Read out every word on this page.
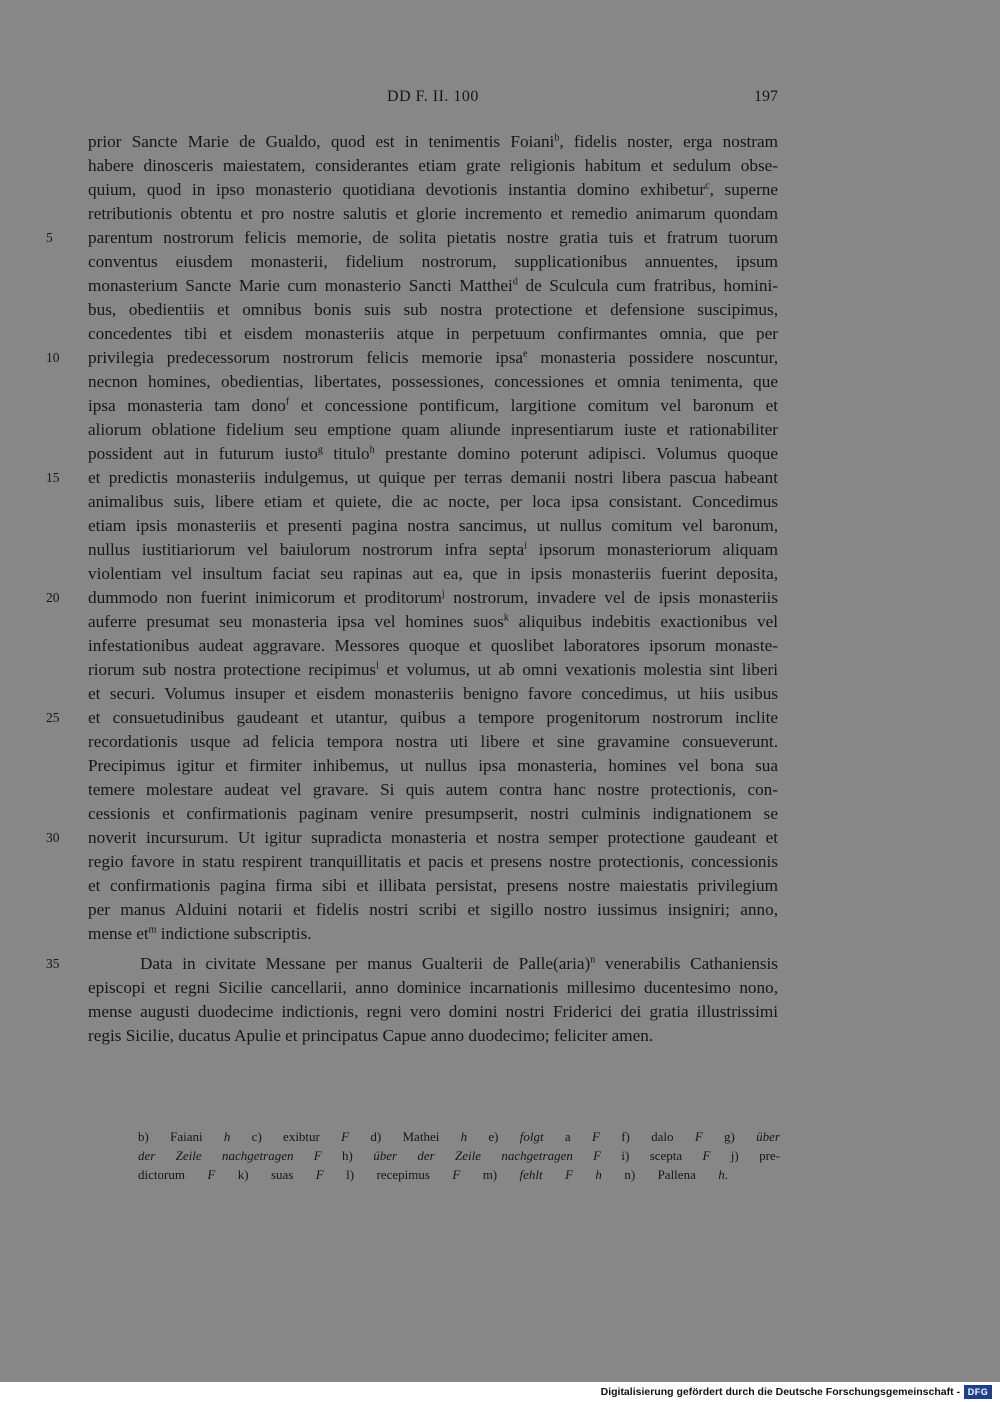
DD F. II. 100	197
prior Sancte Marie de Gualdo, quod est in tenimentis Foiani$^b$, fidelis noster, erga nostram
habere dinosceris maiestatem, considerantes etiam grate religionis habitum et sedulum obse-
quium, quod in ipso monasterio quotidiana devotionis instantia domino exhibetur$^c$, superne
retributionis obtentu et pro nostre salutis et glorie incremento et remedio animarum quondam
parentum nostrorum felicis memorie, de solita pietatis nostre gratia tuis et fratrum tuorum
conventus eiusdem monasterii, fidelium nostrorum, supplicationibus annuentes, ipsum
monasterium Sancte Marie cum monasterio Sancti Matthei$^d$ de Sculcula cum fratribus, homini-
bus, obedientiis et omnibus bonis suis sub nostra protectione et defensione suscipimus,
concedentes tibi et eisdem monasteriis atque in perpetuum confirmantes omnia, que per
privilegia predecessorum nostrorum felicis memorie ipsa$^e$ monasteria possidere noscuntur,
necnon homines, obedientias, libertates, possessiones, concessiones et omnia tenimenta, que
ipsa monasteria tam dono$^f$ et concessione pontificum, largitione comitum vel baronum et
aliorum oblatione fidelium seu emptione quam aliunde inpresentiarum iuste et rationabiliter
possident aut in futurum iusto$^g$ titulo$^h$ prestante domino poterunt adipisci. Volumus quoque
et predictis monasteriis indulgemus, ut quique per terras demanii nostri libera pascua habeant
animalibus suis, libere etiam et quiete, die ac nocte, per loca ipsa consistant. Concedimus
etiam ipsis monasteriis et presenti pagina nostra sancimus, ut nullus comitum vel baronum,
nullus iustitiariorum vel baiulorum nostrorum infra septa$^i$ ipsorum monasteriorum aliquam
violentiam vel insultum faciat seu rapinas aut ea, que in ipsis monasteriis fuerint deposita,
dummodo non fuerint inimicorum et proditorum$^j$ nostrorum, invadere vel de ipsis monasteriis
auferre presumat seu monasteria ipsa vel homines suos$^k$ aliquibus indebitis exactionibus vel
infestationibus audeat aggravare. Messores quoque et quoslibet laboratores ipsorum monaste-
riorum sub nostra protectione recipimus$^l$ et volumus, ut ab omni vexationis molestia sint liberi
et securi. Volumus insuper et eisdem monasteriis benigno favore concedimus, ut hiis usibus
et consuetudinibus gaudeant et utantur, quibus a tempore progenitorum nostrorum inclite
recordationis usque ad felicia tempora nostra uti libere et sine gravamine consueverunt.
Precipimus igitur et firmiter inhibemus, ut nullus ipsa monasteria, homines vel bona sua
temere molestare audeat vel gravare. Si quis autem contra hanc nostre protectionis, con-
cessionis et confirmationis paginam venire presumpserit, nostri culminis indignationem se
noverit incursurum. Ut igitur supradicta monasteria et nostra semper protectione gaudeant et
regio favore in statu respirent tranquillitatis et pacis et presens nostre protectionis, concessionis
et confirmationis pagina firma sibi et illibata persistat, presens nostre maiestatis privilegium
per manus Alduini notarii et fidelis nostri scribi et sigillo nostro iussimus insigniri; anno,
mense $et^m$ indictione subscriptis.
Data in civitate Messane per manus Gualterii de Palle(aria)$^n$ venerabilis Cathaniensis
episcopi et regni Sicilie cancellarii, anno dominice incarnationis millesimo ducentesimo nono,
mense augusti duodecime indictionis, regni vero domini nostri Friderici dei gratia illustrissimi
regis Sicilie, ducatus Apulie et principatus Capue anno duodecimo; feliciter amen.
5
10
15
20
25
30
35
b) Faiani h c) exibtur F d) Mathei h e) folgt a F f) dalo F g) über
der Zeile nachgetragen F h) über der Zeile nachgetragen F i) scepta F j) pre-
dictorum F k) suas F l) recepimus F m) fehlt F h n) Pallena h.
Digitalisierung gefördert durch die Deutsche Forschungsgemeinschaft - DFG
